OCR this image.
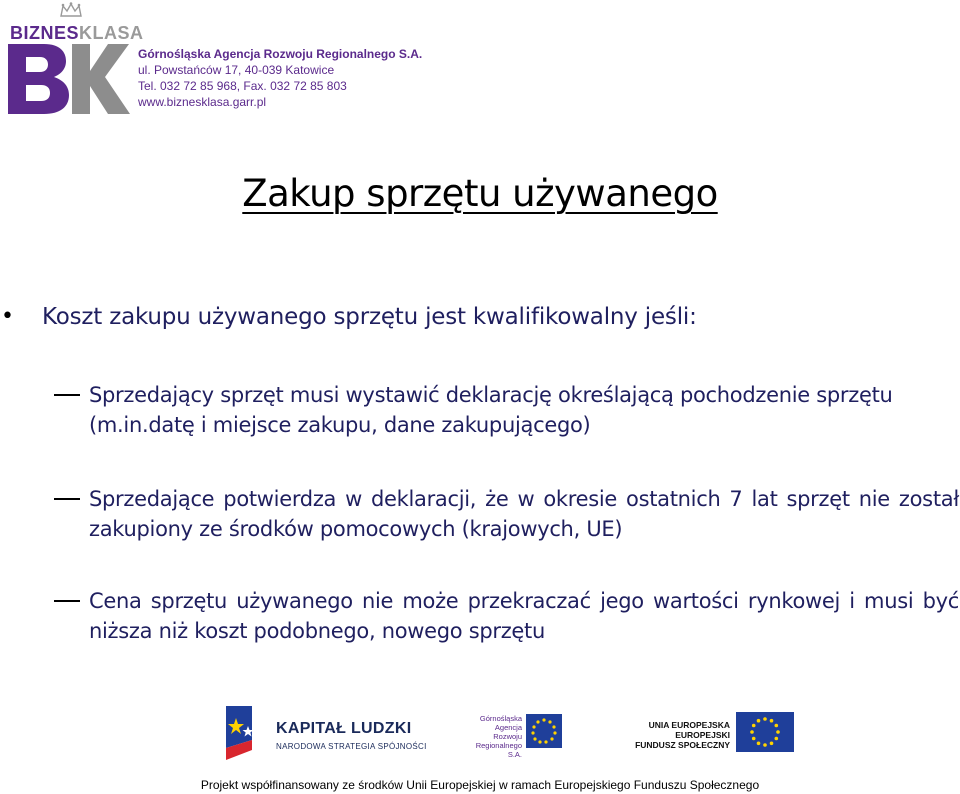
BIZNESKLASA
Górnośląska Agencja Rozwoju Regionalnego S.A.
ul. Powstańców 17, 40-039 Katowice
Tel. 032 72 85 968, Fax. 032 72 85 803
www.biznesklasa.garr.pl
Zakup sprzętu używanego
• Koszt zakupu używanego sprzętu jest kwalifikowalny jeśli:
Sprzedający sprzęt musi wystawić deklarację określającą pochodzenie sprzętu (m.in.datę i miejsce zakupu, dane zakupującego)
Sprzedające potwierdza w deklaracji, że w okresie ostatnich 7 lat sprzęt nie został zakupiony ze środków pomocowych (krajowych, UE)
Cena sprzętu używanego nie może przekraczać jego wartości rynkowej i musi być niższa niż koszt podobnego, nowego sprzętu
KAPITAŁ LUDZKI
NARODOWA STRATEGIA SPÓJNOŚCI
Górnośląska
Agencja Rozwoju
Regionalnego S.A.
UNIA EUROPEJSKA
EUROPEJSKI
FUNDUSZ SPOŁECZNY
Projekt współfinansowany ze środków Unii Europejskiej w ramach Europejskiego Funduszu Społecznego
